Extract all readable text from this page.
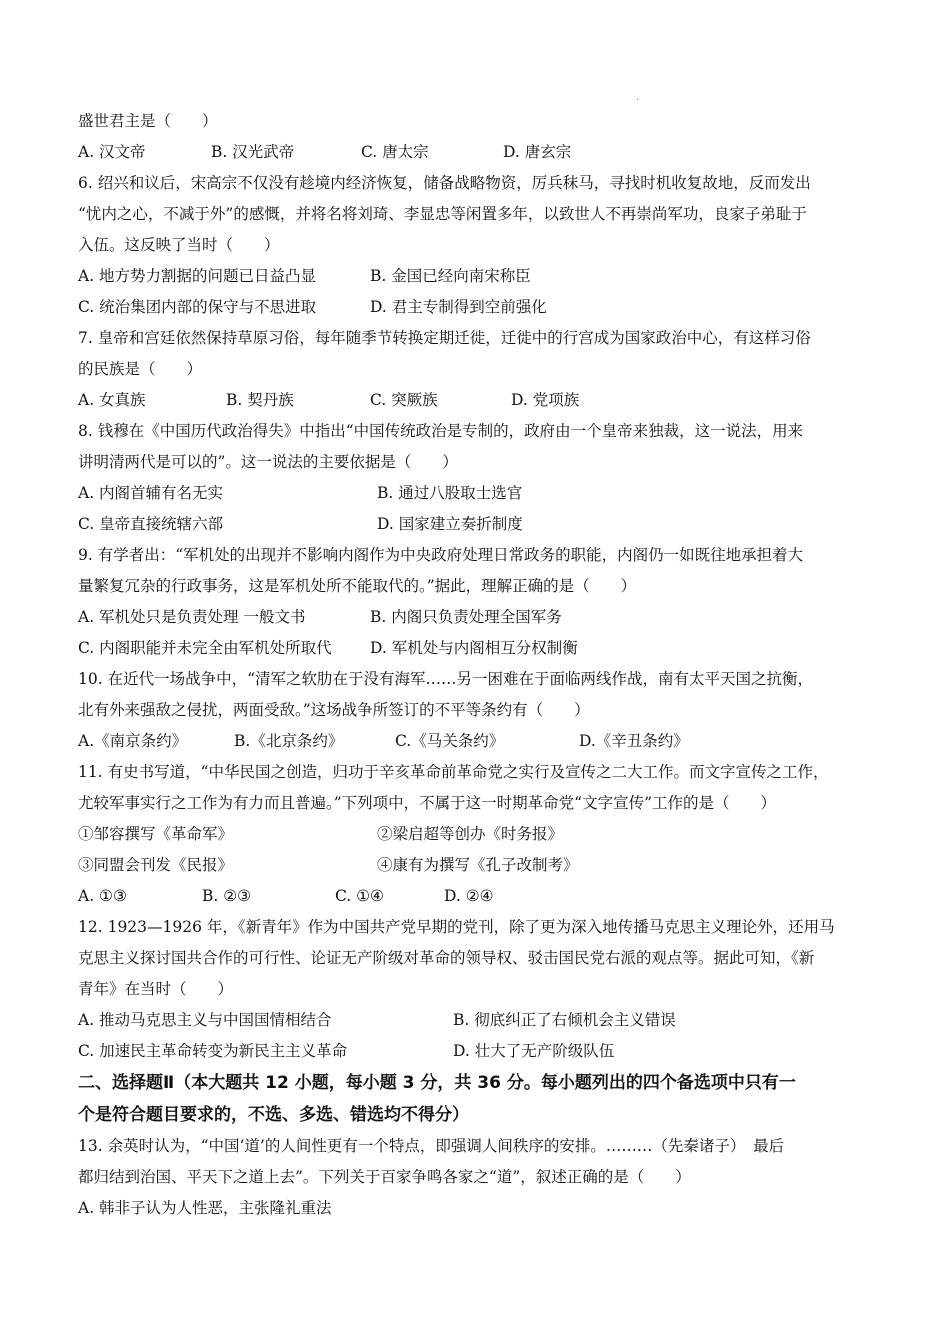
.
盛世君主是（　　）
A. 汉文帝	B. 汉光武帝	C. 唐太宗	D. 唐玄宗
6. 绍兴和议后，宋高宗不仅没有趁境内经济恢复，储备战略物资，厉兵秣马，寻找时机收复故地，反而发出
“忧内之心，不减于外”的感慨，并将名将刘琦、李显忠等闲置多年，以致世人不再崇尚军功，良家子弟耻于
入伍。这反映了当时（　　）
A. 地方势力割据的问题已日益凸显	B. 金国已经向南宋称臣
C. 统治集团内部的保守与不思进取	D. 君主专制得到空前强化
7. 皇帝和宫廷依然保持草原习俗，每年随季节转换定期迁徙，迁徙中的行宫成为国家政治中心，有这样习俗
的民族是（　　）
A. 女真族	B. 契丹族	C. 突厥族	D. 党项族
8. 钱穆在《中国历代政治得失》中指出“中国传统政治是专制的，政府由一个皇帝来独裁，这一说法，用来
讲明清两代是可以的”。这一说法的主要依据是（　　）
A. 内阁首辅有名无实	B. 通过八股取士选官
C. 皇帝直接统辖六部	D. 国家建立奏折制度
9. 有学者出：“军机处的出现并不影响内阁作为中央政府处理日常政务的职能，内阁仍一如既往地承担着大
量繁复冗杂的行政事务，这是军机处所不能取代的。”据此，理解正确的是（　　）
A. 军机处只是负责处理 一般文书	B. 内阁只负责处理全国军务
C. 内阁职能并未完全由军机处所取代 D. 军机处与内阁相互分权制衡
10. 在近代一场战争中，“清军之软肋在于没有海军……另一困难在于面临两线作战，南有太平天国之抗衡，
北有外来强敌之侵扰，两面受敌。”这场战争所签订的不平等条约有（　　）
A.《南京条约》	B.《北京条约》	C.《马关条约》	D.《辛丑条约》
11. 有史书写道，“中华民国之创造，归功于辛亥革命前革命党之实行及宣传之二大工作。而文字宣传之工作，
尤较军事实行之工作为有力而且普遍。”下列项中，不属于这一时期革命党“文字宣传”工作的是（　　）
①邹容撰写《革命军》	②梁启超等创办《时务报》
③同盟会刊发《民报》	④康有为撰写《孔子改制考》
A. ①③	B. ②③	C. ①④	D. ②④
12. 1923—1926 年，《新青年》作为中国共产党早期的党刊，除了更为深入地传播马克思主义理论外，还用马
克思主义探讨国共合作的可行性、论证无产阶级对革命的领导权、驳击国民党右派的观点等。据此可知，《新
青年》在当时（　　）
A. 推动马克思主义与中国国情相结合	B. 彻底纠正了右倾机会主义错误
C. 加速民主革命转变为新民主主义革命	D. 壮大了无产阶级队伍
二、选择题Ⅱ（本大题共 12 小题，每小题 3 分，共 36 分。每小题列出的四个备选项中只有一
个是符合题目要求的，不选、多选、错选均不得分）
13. 余英时认为，“中国‘道’的人间性更有一个特点，即强调人间秩序的安排。………（先秦诸子）　最后
都归结到治国、平天下之道上去”。下列关于百家争鸣各家之“道”，叙述正确的是（　　）
A. 韩非子认为人性恶，主张隆礼重法
